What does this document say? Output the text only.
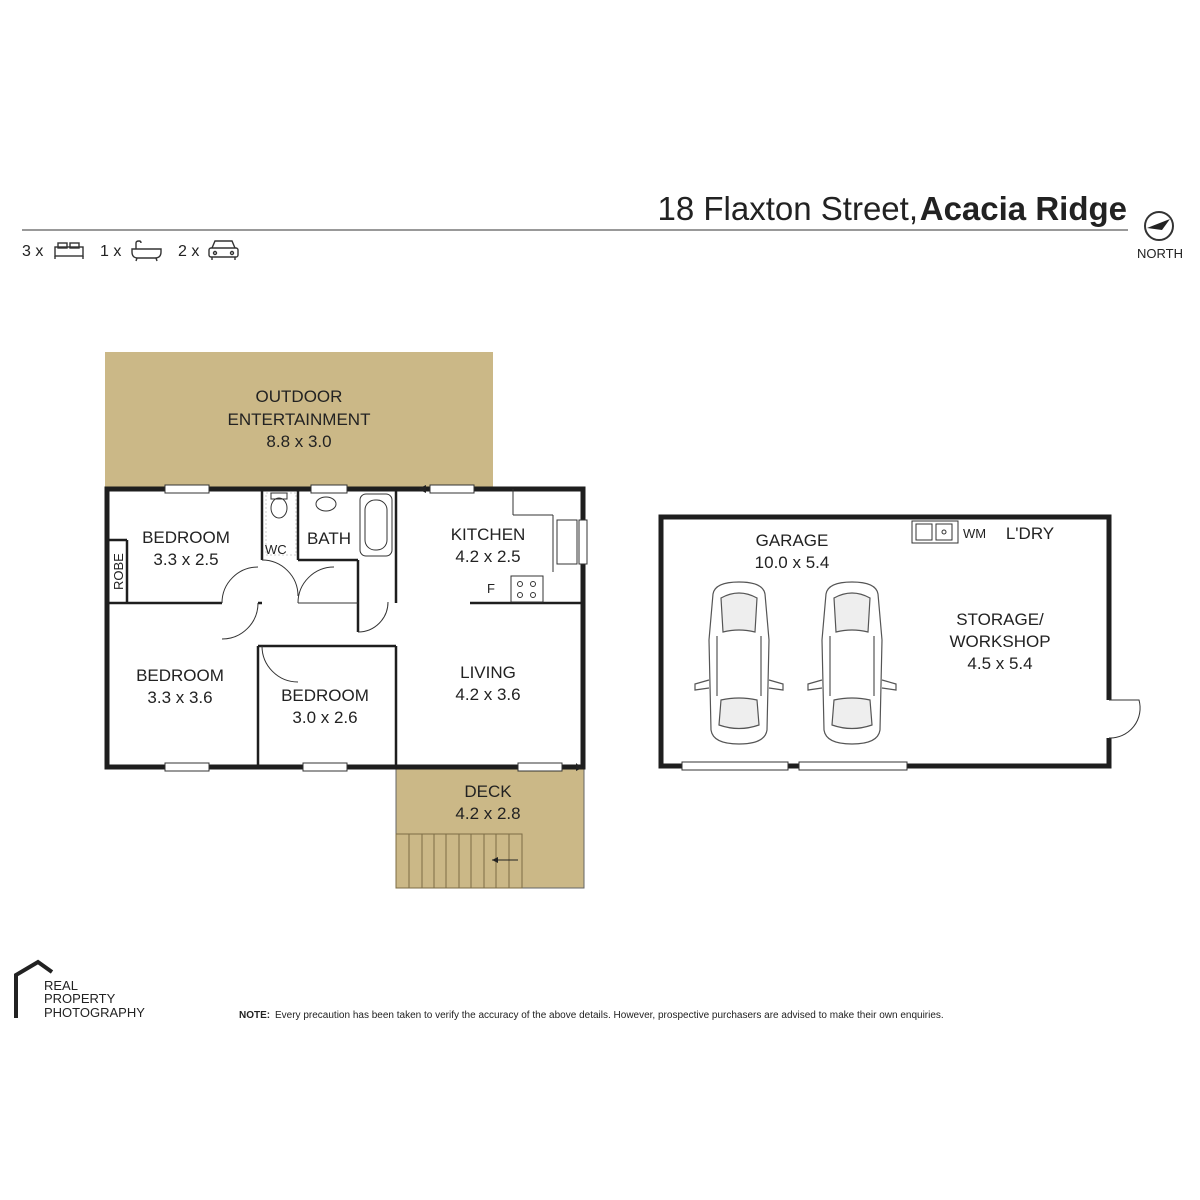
18 Flaxton Street, Acacia Ridge
NORTH
3 x	1 x	2 x
OUTDOOR
ENTERTAINMENT
8.8 x 3.0
BEDROOM
3.3 x 2.5
ROBE
WC
BATH	KITCHEN
4.2 x 2.5
F
BEDROOM
3.3 x 3.6	BEDROOM
3.0 x 2.6
LIVING
4.2 x 3.6
DECK
4.2 x 2.8
WM L'DRY
GARAGE
10.0 x 5.4
STORAGE/
WORKSHOP
4.5 x 5.4
REAL
PROPERTY
PHOTOGRAPHY	NOTE: Every precaution has been taken to verify the accuracy of the above details. However, prospective purchasers are advised to make their own enquiries.
